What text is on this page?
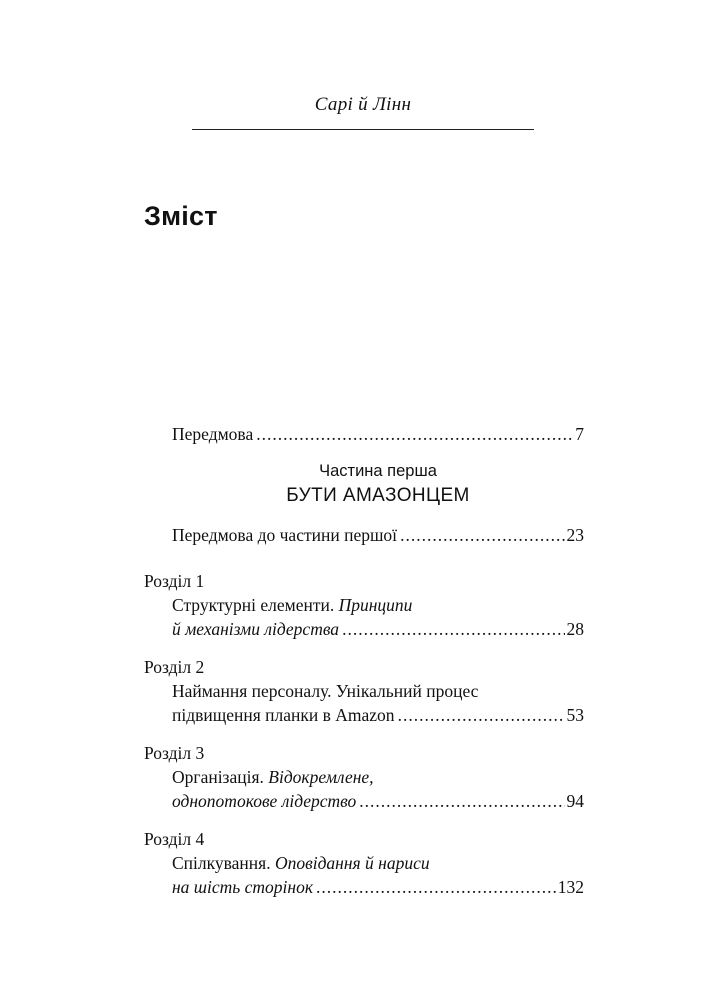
Сарі й Лінн
Зміст
Передмова .....	7
Частина перша
БУТИ АМАЗОНЦЕМ
Передмова до частини першої .....	23
Розділ 1
Структурні елементи. Принципи
й механізми лідерства .....	28
Розділ 2
Наймання персоналу. Унікальний процес
підвищення планки в Amazon .....	53
Розділ 3
Організація. Відокремлене,
однопотокове лідерство .....	94
Розділ 4
Спілкування. Оповідання й нариси
на шість сторінок .....	132
